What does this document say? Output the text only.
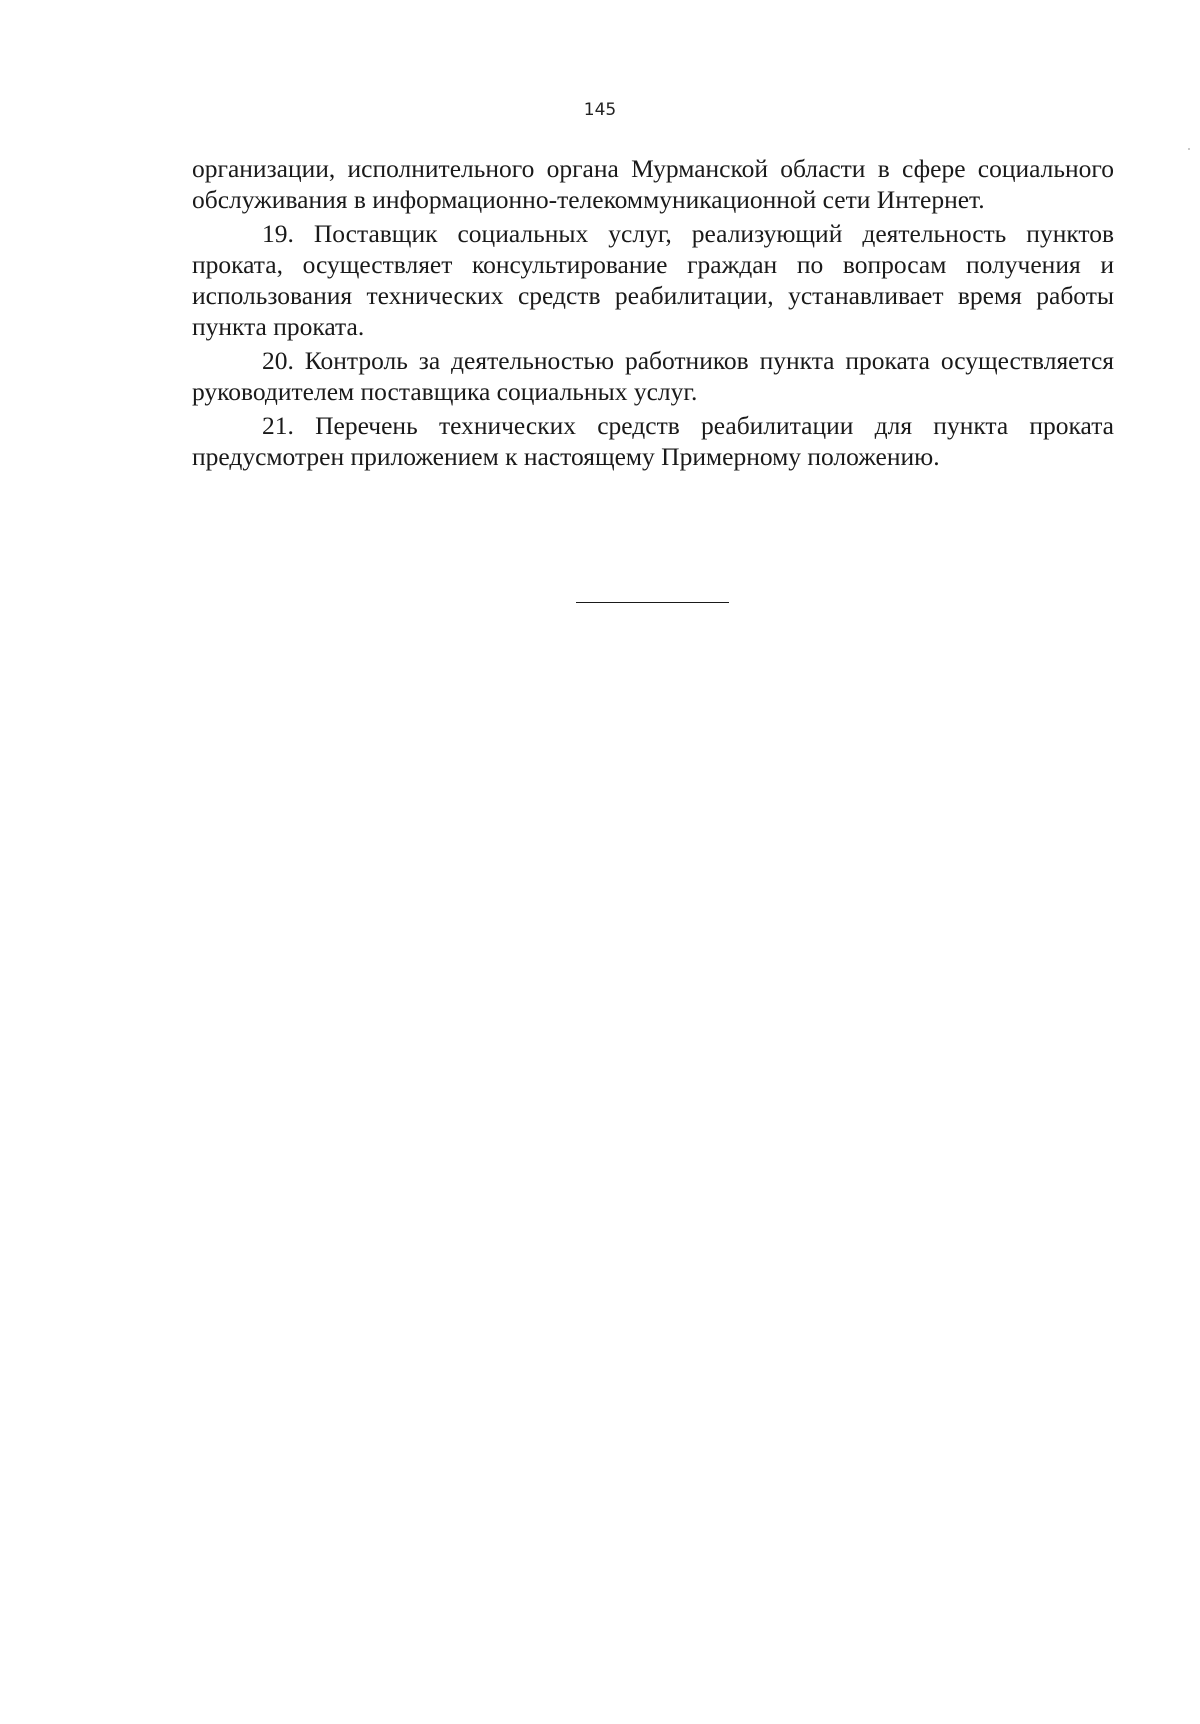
145

организации, исполнительного органа Мурманской области в сфере социального обслуживания в информационно-телекоммуникационной сети Интернет.

19. Поставщик социальных услуг, реализующий деятельность пунктов проката, осуществляет консультирование граждан по вопросам получения и использования технических средств реабилитации, устанавливает время работы пункта проката.

20. Контроль за деятельностью работников пункта проката осуществляется руководителем поставщика социальных услуг.

21. Перечень технических средств реабилитации для пункта проката предусмотрен приложением к настоящему Примерному положению.
